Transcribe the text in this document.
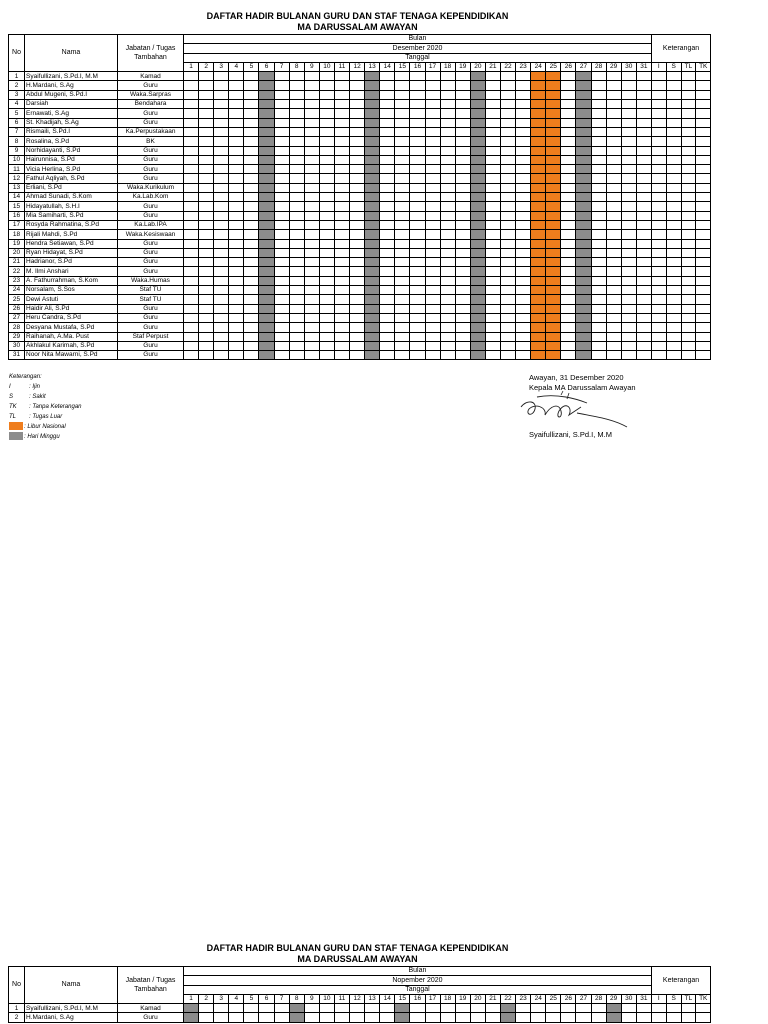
DAFTAR HADIR BULANAN GURU DAN STAF TENAGA KEPENDIDIKAN
MA DARUSSALAM AWAYAN
No	Nama	Jabatan / Tugas Tambahan	Bulan																															Keterangan			
			Desember 2020																																		
			Tanggal																																		
			1	2	3	4	5	6	7	8	9	10	11	12	13	14	15	16	17	18	19	20	21	22	23	24	25	26	27	28	29	30	31	I	S	TL	TK
1	Syaifullizani, S.Pd.I, M.M	Kamad																																			
2	H.Mardani, S.Ag	Guru																																			
3	Abdul Mugeni, S.Pd.I	Waka.Sarpras																																			
4	Darsiah	Bendahara																																			
5	Ernawati, S.Ag	Guru																																			
6	St. Khadijah, S.Ag	Guru																																			
7	Rismaili, S.Pd.I	Ka.Perpustakaan																																			
8	Rosalina, S.Pd	BK																																			
9	Norhidayanti, S.Pd	Guru																																			
10	Hairunnisa, S.Pd	Guru																																			
11	Vicia Herlina, S.Pd	Guru																																			
12	Fathul Aqliyah, S.Pd	Guru																																			
13	Erliani, S.Pd	Waka.Kurikulum																																			
14	Ahmad Sunadi, S.Kom	Ka.Lab.Kom																																			
15	Hidayatullah, S.H.I	Guru																																			
16	Mia Samiharti, S.Pd	Guru																																			
17	Rosyda Rahmatina, S.Pd	Ka.Lab.IPA																																			
18	Rijali Mahdi, S.Pd	Waka.Kesiswaan																																			
19	Hendra Setiawan, S.Pd	Guru																																			
20	Ryan Hidayat, S.Pd	Guru																																			
21	Hadrianor, S.Pd	Guru																																			
22	M. Ilmi Anshari	Guru																																			
23	A. Fathurrahman, S.Kom	Waka.Humas																																			
24	Norsalam, S.Sos	Staf TU																																			
25	Dewi Astuti	Staf TU																																			
26	Haidir Ali, S.Pd	Guru																																			
27	Heru Candra, S.Pd	Guru																																			
28	Desyana Mustafa, S.Pd	Guru																																			
29	Raihanah, A.Ma. Pust	Staf Perpust																																			
30	Akhlakul Karimah, S.Pd	Guru																																			
31	Noor Nita Mawarni, S.Pd	Guru																																			
Keterangan:
I	: Ijin
S	: Sakit
TK : Tanpa Keterangan
TL : Tugas Luar
: Libur Nasional
: Hari Minggu
Awayan, 31 Desember 2020
Kepala MA Darussalam Awayan
Syaifullizani, S.Pd.I, M.M
DAFTAR HADIR BULANAN GURU DAN STAF TENAGA KEPENDIDIKAN
MA DARUSSALAM AWAYAN
No	Nama	Jabatan / Tugas Tambahan	Bulan																															Keterangan			
			Nopember 2020																																		
			Tanggal																																		
			1	2	3	4	5	6	7	8	9	10	11	12	13	14	15	16	17	18	19	20	21	22	23	24	25	26	27	28	29	30	31	I	S	TL	TK
1	Syaifullizani, S.Pd.I, M.M	Kamad																																			
2	H.Mardani, S.Ag	Guru																																			
